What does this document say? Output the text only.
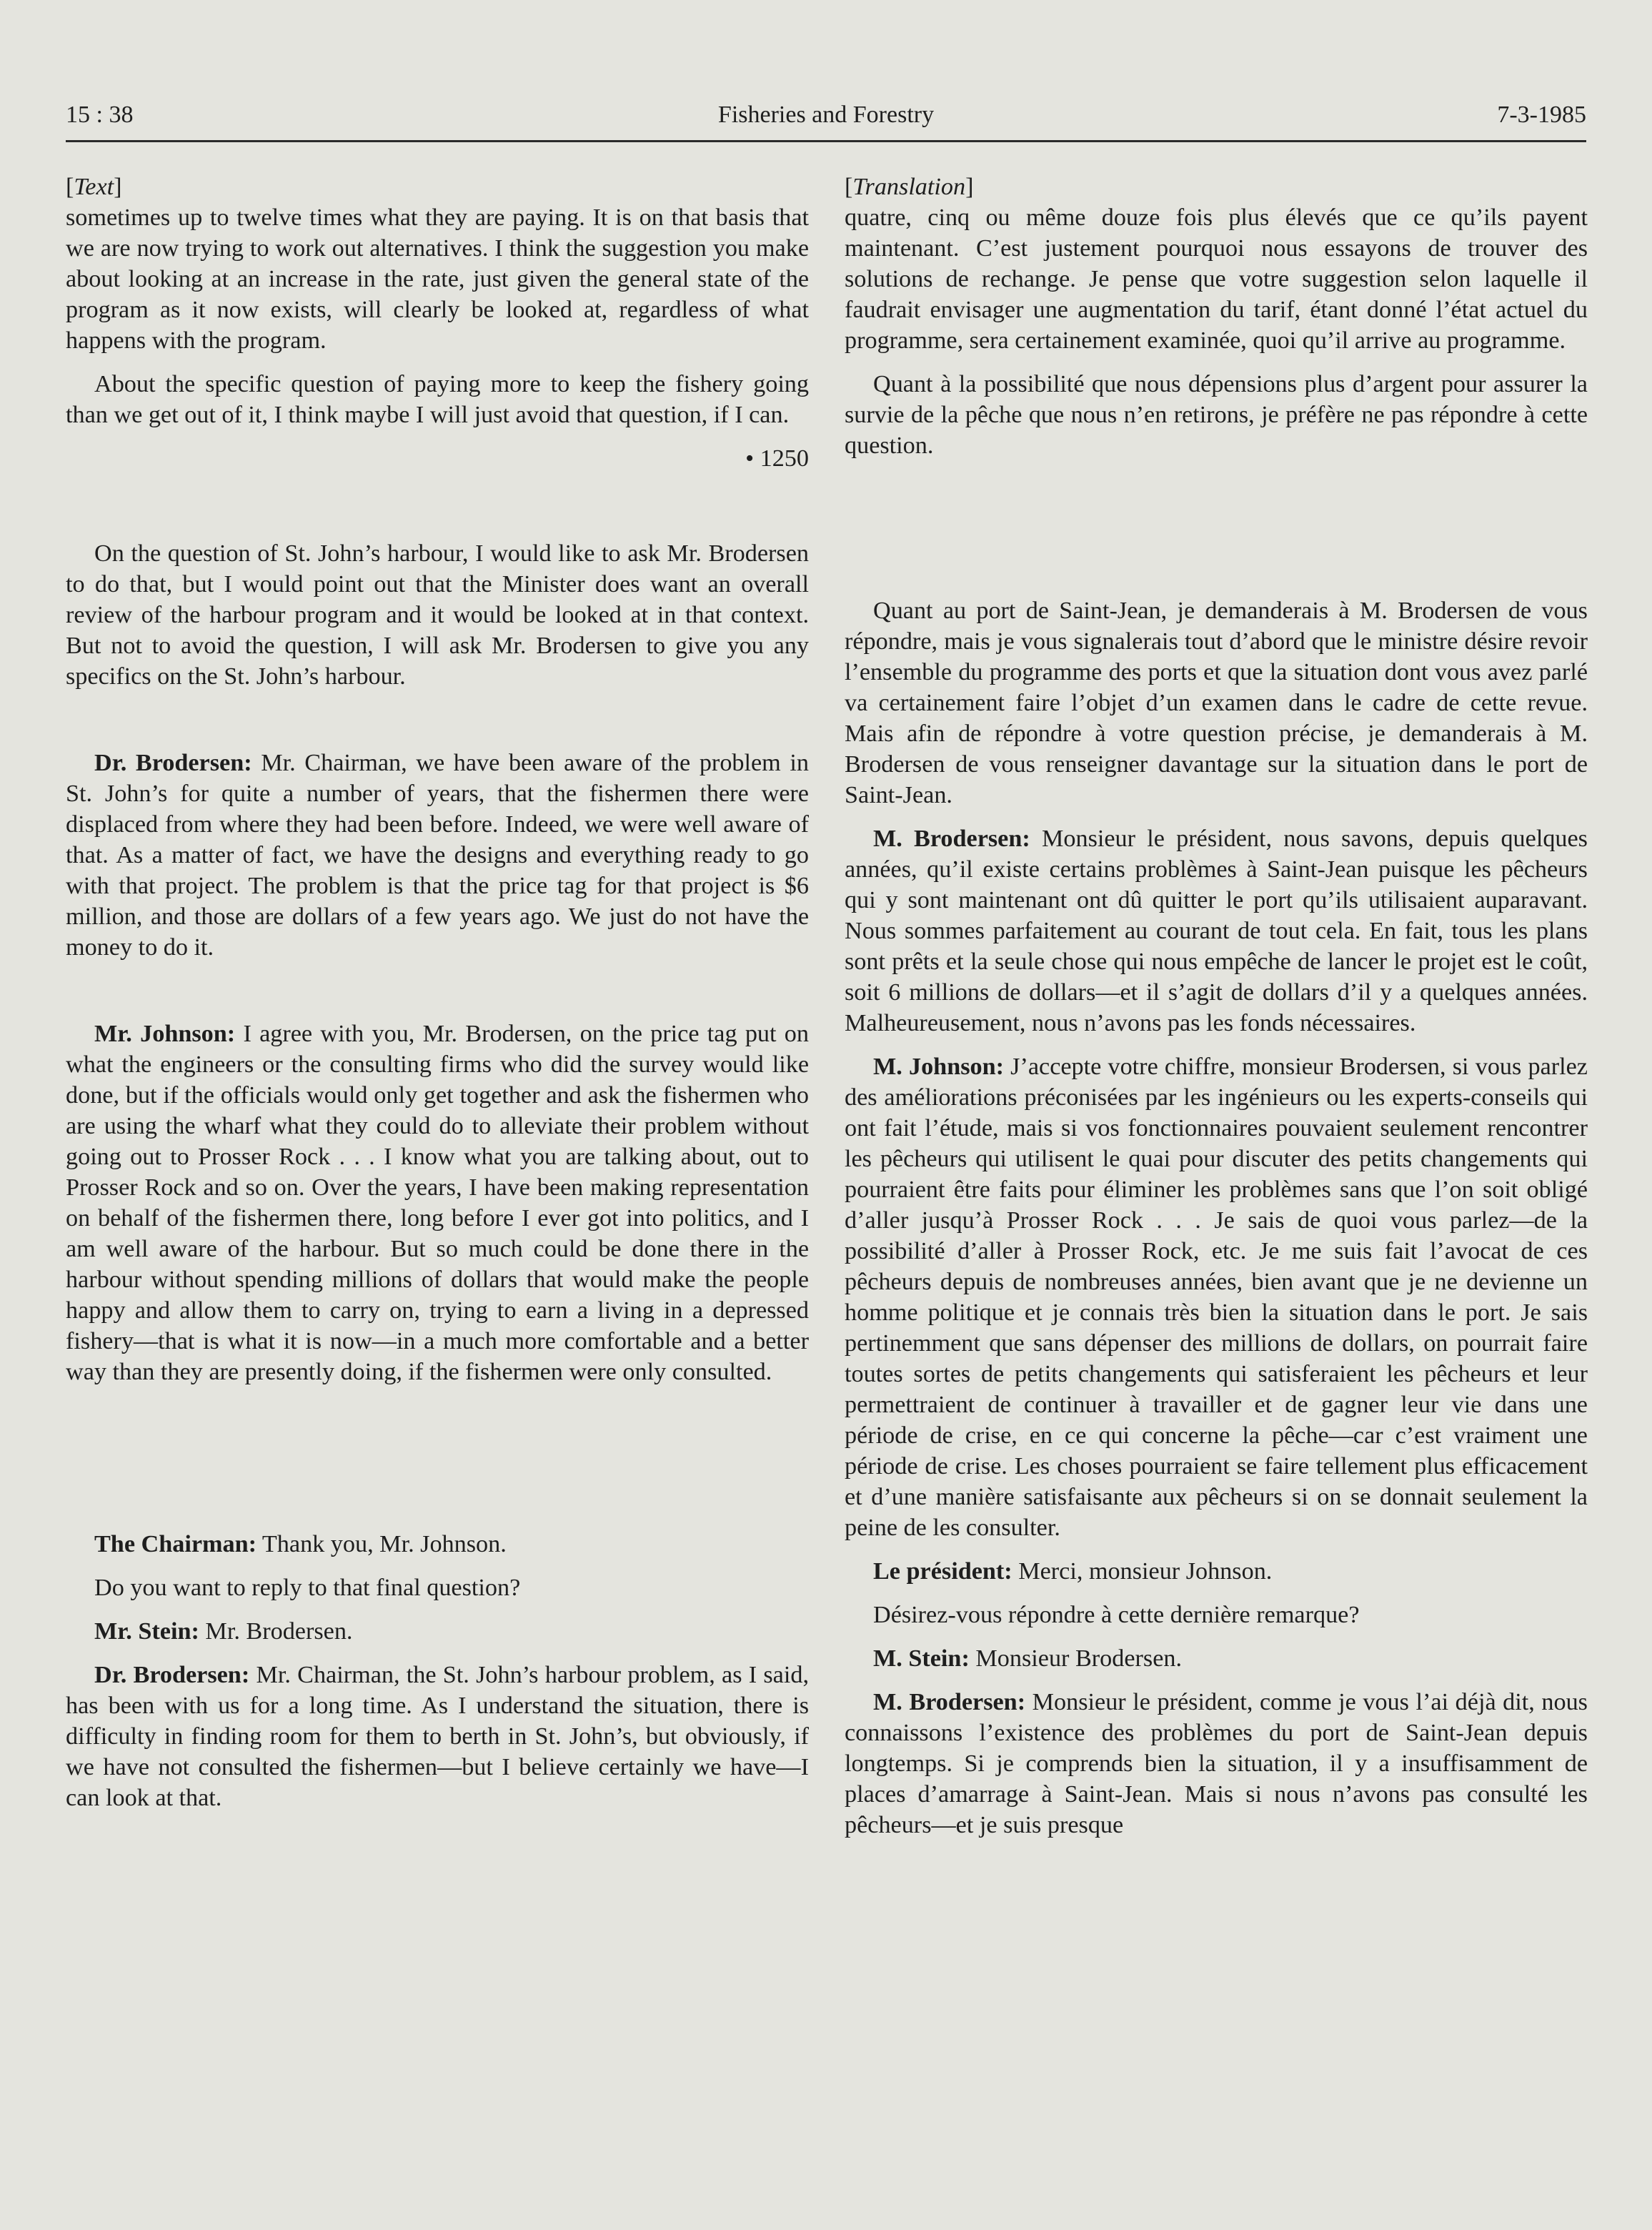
15 : 38	Fisheries and Forestry	7-3-1985

[Text]

sometimes up to twelve times what they are paying. It is on that basis that we are now trying to work out alternatives. I think the suggestion you make about looking at an increase in the rate, just given the general state of the program as it now exists, will clearly be looked at, regardless of what happens with the program.

About the specific question of paying more to keep the fishery going than we get out of it, I think maybe I will just avoid that question, if I can.

• 1250

On the question of St. John’s harbour, I would like to ask Mr. Brodersen to do that, but I would point out that the Minister does want an overall review of the harbour program and it would be looked at in that context. But not to avoid the question, I will ask Mr. Brodersen to give you any specifics on the St. John’s harbour.

Dr. Brodersen: Mr. Chairman, we have been aware of the problem in St. John’s for quite a number of years, that the fishermen there were displaced from where they had been before. Indeed, we were well aware of that. As a matter of fact, we have the designs and everything ready to go with that project. The problem is that the price tag for that project is $6 million, and those are dollars of a few years ago. We just do not have the money to do it.

Mr. Johnson: I agree with you, Mr. Brodersen, on the price tag put on what the engineers or the consulting firms who did the survey would like done, but if the officials would only get together and ask the fishermen who are using the wharf what they could do to alleviate their problem without going out to Prosser Rock . . . I know what you are talking about, out to Prosser Rock and so on. Over the years, I have been making representation on behalf of the fishermen there, long before I ever got into politics, and I am well aware of the harbour. But so much could be done there in the harbour without spending millions of dollars that would make the people happy and allow them to carry on, trying to earn a living in a depressed fishery—that is what it is now—in a much more comfortable and a better way than they are presently doing, if the fishermen were only consulted.

The Chairman: Thank you, Mr. Johnson.

Do you want to reply to that final question?

Mr. Stein: Mr. Brodersen.

Dr. Brodersen: Mr. Chairman, the St. John’s harbour problem, as I said, has been with us for a long time. As I understand the situation, there is difficulty in finding room for them to berth in St. John’s, but obviously, if we have not consulted the fishermen—but I believe certainly we have—I can look at that.

[Translation]

quatre, cinq ou même douze fois plus élevés que ce qu’ils payent maintenant. C’est justement pourquoi nous essayons de trouver des solutions de rechange. Je pense que votre suggestion selon laquelle il faudrait envisager une augmentation du tarif, étant donné l’état actuel du programme, sera certainement examinée, quoi qu’il arrive au programme.

Quant à la possibilité que nous dépensions plus d’argent pour assurer la survie de la pêche que nous n’en retirons, je préfère ne pas répondre à cette question.

Quant au port de Saint-Jean, je demanderais à M. Brodersen de vous répondre, mais je vous signalerais tout d’abord que le ministre désire revoir l’ensemble du programme des ports et que la situation dont vous avez parlé va certainement faire l’objet d’un examen dans le cadre de cette revue. Mais afin de répondre à votre question précise, je demanderais à M. Brodersen de vous renseigner davantage sur la situation dans le port de Saint-Jean.

M. Brodersen: Monsieur le président, nous savons, depuis quelques années, qu’il existe certains problèmes à Saint-Jean puisque les pêcheurs qui y sont maintenant ont dû quitter le port qu’ils utilisaient auparavant. Nous sommes parfaitement au courant de tout cela. En fait, tous les plans sont prêts et la seule chose qui nous empêche de lancer le projet est le coût, soit 6 millions de dollars—et il s’agit de dollars d’il y a quelques années. Malheureusement, nous n’avons pas les fonds nécessaires.

M. Johnson: J’accepte votre chiffre, monsieur Brodersen, si vous parlez des améliorations préconisées par les ingénieurs ou les experts-conseils qui ont fait l’étude, mais si vos fonctionnaires pouvaient seulement rencontrer les pêcheurs qui utilisent le quai pour discuter des petits changements qui pourraient être faits pour éliminer les problèmes sans que l’on soit obligé d’aller jusqu’à Prosser Rock . . . Je sais de quoi vous parlez—de la possibilité d’aller à Prosser Rock, etc. Je me suis fait l’avocat de ces pêcheurs depuis de nombreuses années, bien avant que je ne devienne un homme politique et je connais très bien la situation dans le port. Je sais pertinemment que sans dépenser des millions de dollars, on pourrait faire toutes sortes de petits changements qui satisferaient les pêcheurs et leur permettraient de continuer à travailler et de gagner leur vie dans une période de crise, en ce qui concerne la pêche—car c’est vraiment une période de crise. Les choses pourraient se faire tellement plus efficacement et d’une manière satisfaisante aux pêcheurs si on se donnait seulement la peine de les consulter.

Le président: Merci, monsieur Johnson.

Désirez-vous répondre à cette dernière remarque?

M. Stein: Monsieur Brodersen.

M. Brodersen: Monsieur le président, comme je vous l’ai déjà dit, nous connaissons l’existence des problèmes du port de Saint-Jean depuis longtemps. Si je comprends bien la situation, il y a insuffisamment de places d’amarrage à Saint-Jean. Mais si nous n’avons pas consulté les pêcheurs—et je suis presque
